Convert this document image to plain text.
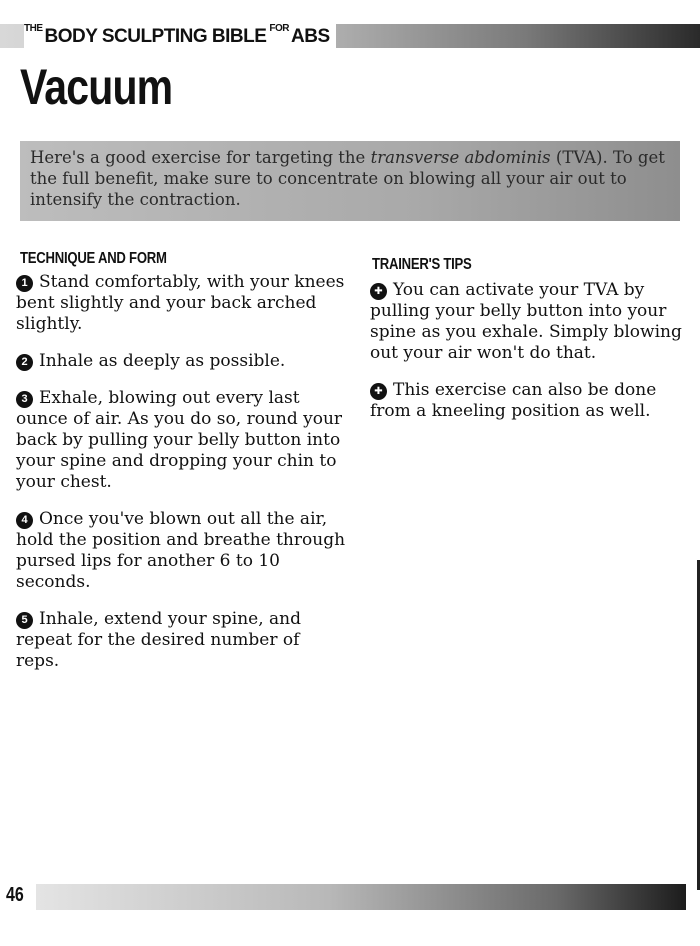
THE BODY SCULPTING BIBLE FOR ABS
Vacuum
Here's a good exercise for targeting the transverse abdominis (TVA). To get the full benefit, make sure to concentrate on blowing all your air out to intensify the contraction.
TECHNIQUE AND FORM

1 Stand comfortably, with your knees bent slightly and your back arched slightly.

2 Inhale as deeply as possible.

3 Exhale, blowing out every last ounce of air. As you do so, round your back by pulling your belly button into your spine and dropping your chin to your chest.

4 Once you've blown out all the air, hold the position and breathe through pursed lips for another 6 to 10 seconds.

5 Inhale, extend your spine, and repeat for the desired number of reps.

TRAINER'S TIPS

✚ You can activate your TVA by pulling your belly button into your spine as you exhale. Simply blowing out your air won't do that.

✚ This exercise can also be done from a kneeling position as well.

46
